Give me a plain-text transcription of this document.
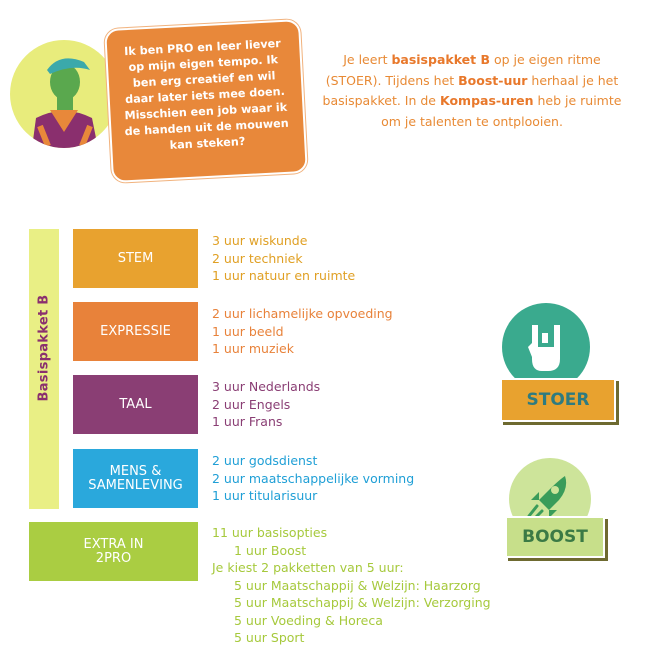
Ik ben PRO en leer liever op mijn eigen tempo. Ik ben erg creatief en wil daar later iets mee doen. Misschien een job waar ik de handen uit de mouwen kan steken?
Je leert basispakket B op je eigen ritme (STOER). Tijdens het Boost-uur herhaal je het basispakket. In de Kompas-uren heb je ruimte om je talenten te ontplooien.
Basispakket B
STEM
3 uur wiskunde
2 uur techniek
1 uur natuur en ruimte
EXPRESSIE
2 uur lichamelijke opvoeding
1 uur beeld
1 uur muziek
TAAL
3 uur Nederlands
2 uur Engels
1 uur Frans
MENS &
SAMENLEVING
2 uur godsdienst
2 uur maatschappelijke vorming
1 uur titularisuur
EXTRA IN
2PRO
11 uur basisopties
1 uur Boost
Je kiest 2 pakketten van 5 uur:
5 uur Maatschappij & Welzijn: Haarzorg
5 uur Maatschappij & Welzijn: Verzorging
5 uur Voeding & Horeca
5 uur Sport
STOER
BOOST
